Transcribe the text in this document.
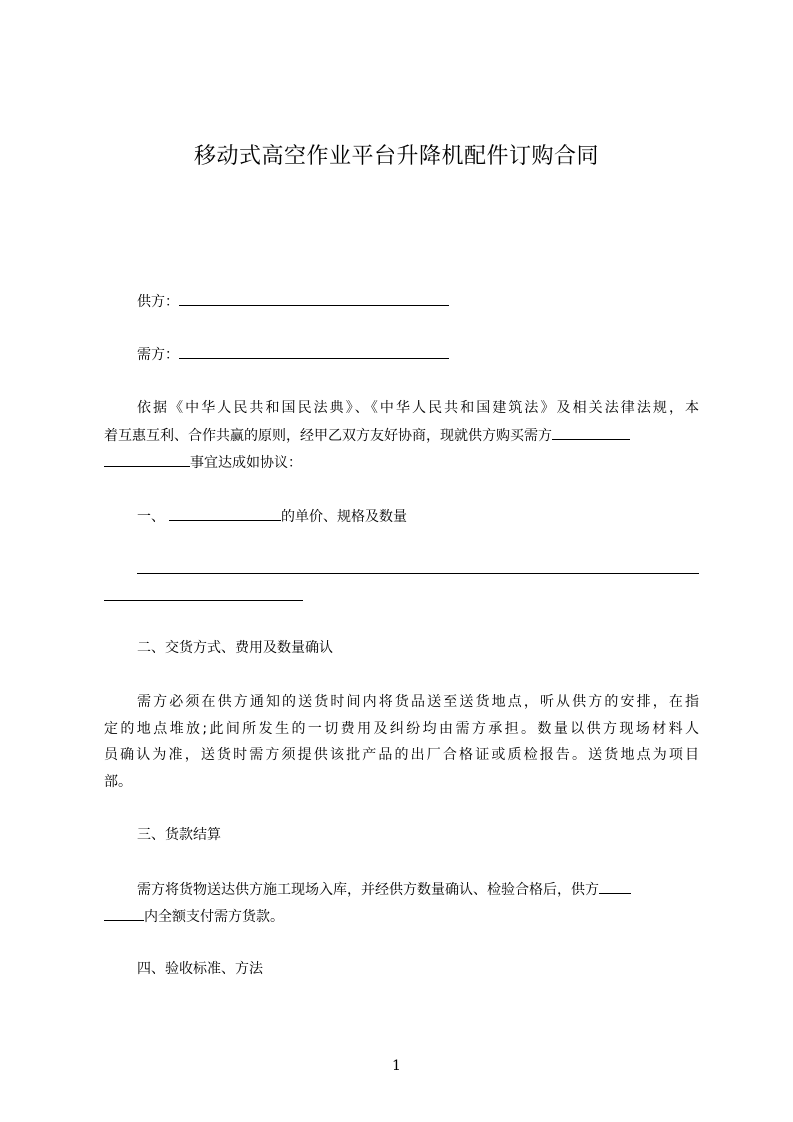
移动式高空作业平台升降机配件订购合同
供方：
需方：
依据《中华人民共和国民法典》、《中华人民共和国建筑法》及相关法律法规，本
着互惠互利、合作共赢的原则，经甲乙双方友好协商，现就供方购买需方
事宜达成如协议：
一、	的单价、规格及数量
二、交货方式、费用及数量确认
需方必须在供方通知的送货时间内将货品送至送货地点，听从供方的安排，在指
定的地点堆放;此间所发生的一切费用及纠纷均由需方承担。数量以供方现场材料人
员确认为准，送货时需方须提供该批产品的出厂合格证或质检报告。送货地点为项目
部。
三、货款结算
需方将货物送达供方施工现场入库，并经供方数量确认、检验合格后，供方
内全额支付需方货款。
四、验收标准、方法
1
